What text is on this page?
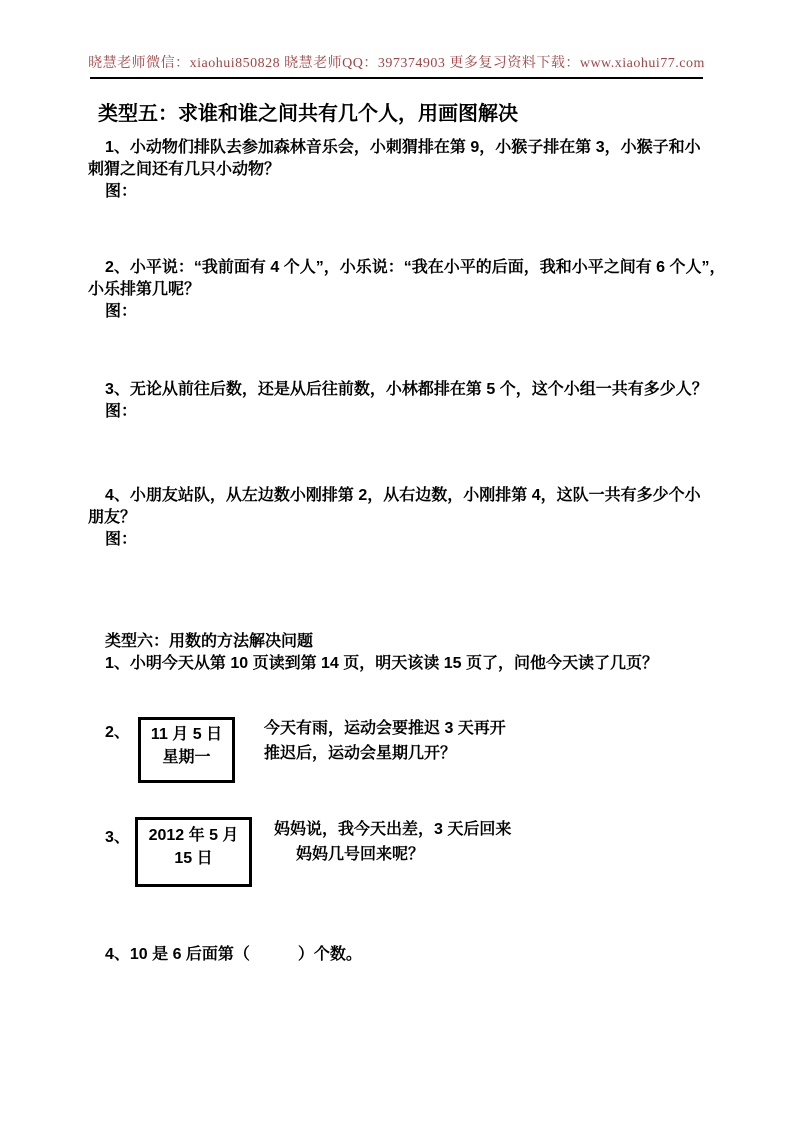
晓慧老师微信：xiaohui850828 晓慧老师QQ：397374903 更多复习资料下载：www.xiaohui77.com
类型五：求谁和谁之间共有几个人，用画图解决
1、小动物们排队去参加森林音乐会，小刺猬排在第 9，小猴子排在第 3，小猴子和小
刺猬之间还有几只小动物？
图：
2、小平说：“我前面有 4 个人”，小乐说：“我在小平的后面，我和小平之间有 6 个人”，
小乐排第几呢？
图：
3、无论从前往后数，还是从后往前数，小林都排在第 5 个，这个小组一共有多少人？
图：
4、小朋友站队，从左边数小刚排第 2，从右边数，小刚排第 4，这队一共有多少个小
朋友？
图：
类型六：用数的方法解决问题
1、小明今天从第 10 页读到第 14 页，明天该读 15 页了，问他今天读了几页？
2、	11 月 5 日
星期一
今天有雨，运动会要推迟 3 天再开
推迟后，运动会星期几开？
3、	2012 年 5 月
15 日
妈妈说，我今天出差，3 天后回来
妈妈几号回来呢？
4、10 是 6 后面第（　　　）个数。
